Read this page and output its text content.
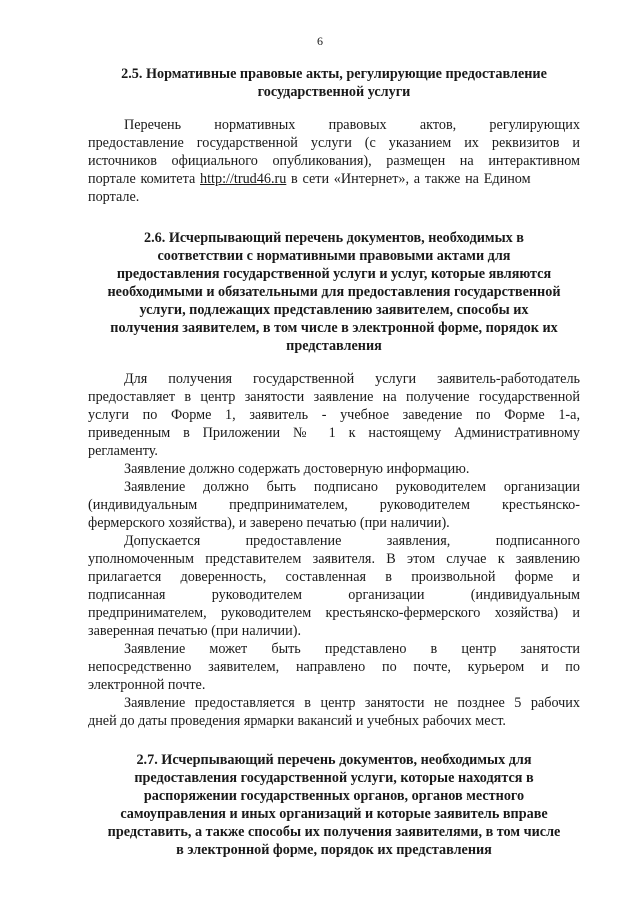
6
2.5. Нормативные правовые акты, регулирующие предоставление
государственной услуги
Перечень нормативных правовых актов, регулирующих
предоставление государственной услуги (с указанием их реквизитов и
источников официального опубликования), размещен на интерактивном
портале комитета http://trud46.ru в сети «Интернет», а также на Едином
портале.
2.6. Исчерпывающий перечень документов, необходимых в
соответствии с нормативными правовыми актами для
предоставления государственной услуги и услуг, которые являются
необходимыми и обязательными для предоставления государственной
услуги, подлежащих представлению заявителем, способы их
получения заявителем, в том числе в электронной форме, порядок их
представления
Для получения государственной услуги заявитель-работодатель
предоставляет в центр занятости заявление на получение государственной
услуги по Форме 1, заявитель - учебное заведение по Форме 1-а,
приведенным в Приложении № 1 к настоящему Административному
регламенту.
Заявление должно содержать достоверную информацию.
Заявление должно быть подписано руководителем организации
(индивидуальным предпринимателем, руководителем крестьянско-
фермерского хозяйства), и заверено печатью (при наличии).
Допускается предоставление заявления, подписанного
уполномоченным представителем заявителя. В этом случае к заявлению
прилагается доверенность, составленная в произвольной форме и
подписанная руководителем организации (индивидуальным
предпринимателем, руководителем крестьянско-фермерского хозяйства) и
заверенная печатью (при наличии).
Заявление может быть представлено в центр занятости
непосредственно заявителем, направлено по почте, курьером и по
электронной почте.
Заявление предоставляется в центр занятости не позднее 5 рабочих
дней до даты проведения ярмарки вакансий и учебных рабочих мест.
2.7. Исчерпывающий перечень документов, необходимых для
предоставления государственной услуги, которые находятся в
распоряжении государственных органов, органов местного
самоуправления и иных организаций и которые заявитель вправе
представить, а также способы их получения заявителями, в том числе
в электронной форме, порядок их представления
